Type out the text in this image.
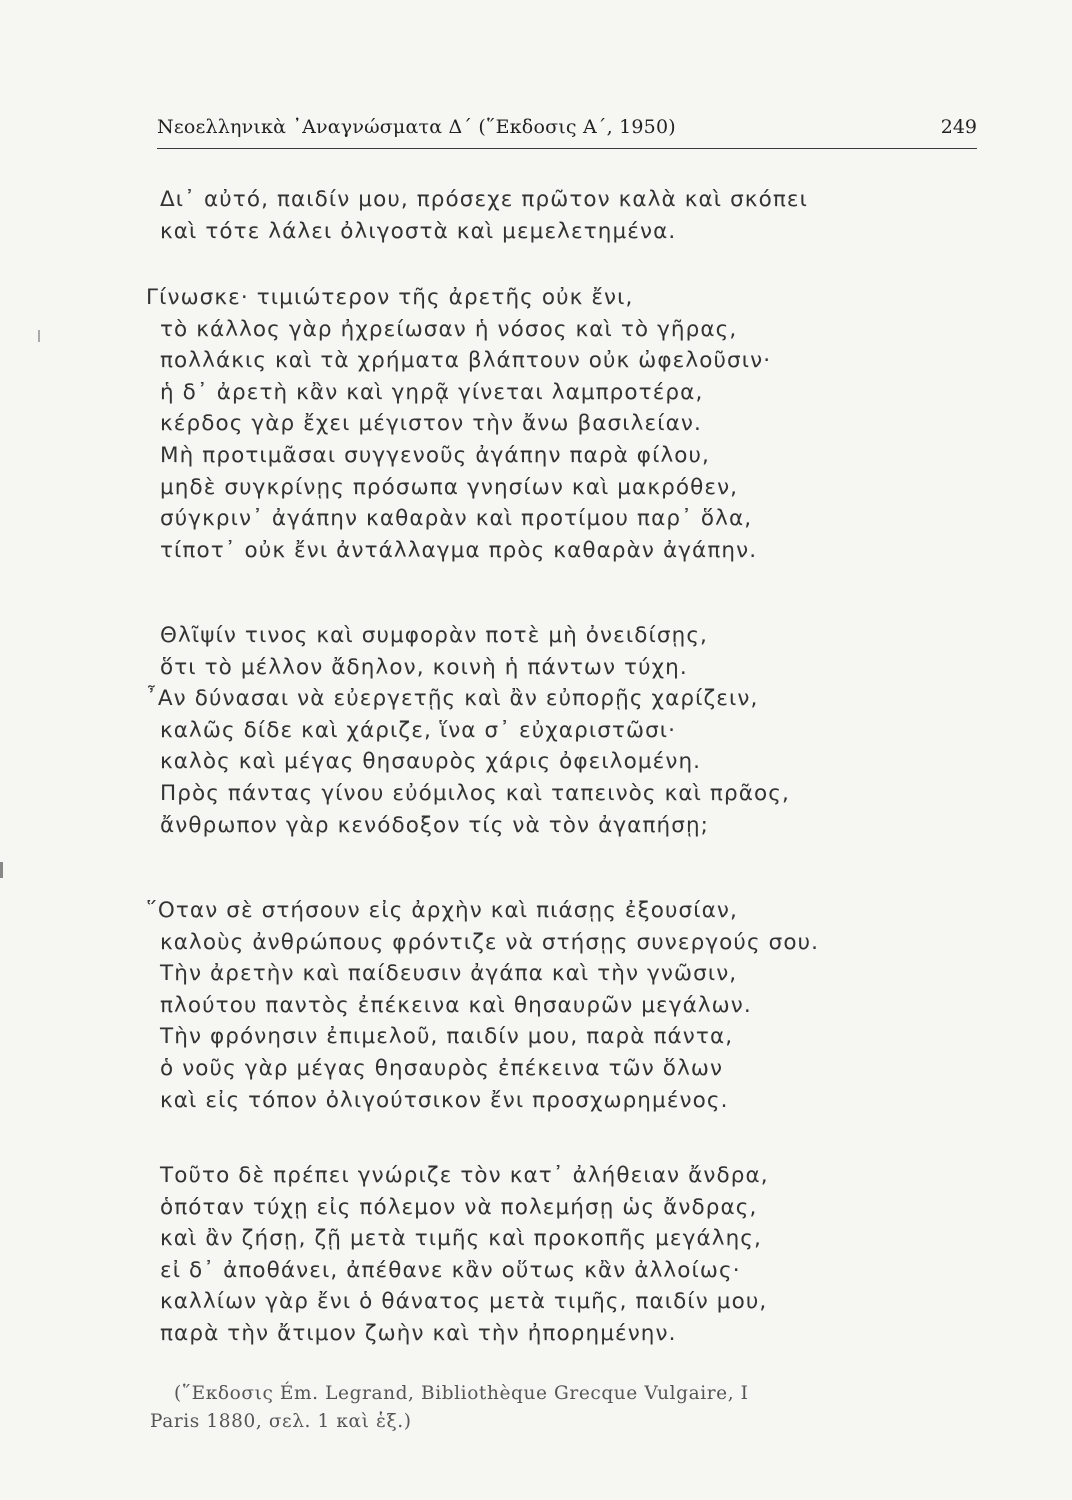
Νεοελληνικὰ ᾿Αναγνώσματα Δ΄ (῞Εκδοσις Α΄, 1950)	249
Δι᾿ αὐτό, παιδίν μου, πρόσεχε πρῶτον καλὰ καὶ σκόπει
καὶ τότε λάλει ὀλιγοστὰ καὶ μεμελετημένα.
Γίνωσκε· τιμιώτερον τῆς ἀρετῆς οὐκ ἔνι,
τὸ κάλλος γὰρ ἠχρείωσαν ἡ νόσος καὶ τὸ γῆρας,
πολλάκις καὶ τὰ χρήματα βλάπτουν οὐκ ὠφελοῦσιν·
ἡ δ᾿ ἀρετὴ κἂν καὶ γηρᾷ γίνεται λαμπροτέρα,
κέρδος γὰρ ἔχει μέγιστον τὴν ἄνω βασιλείαν.
Μὴ προτιμᾶσαι συγγενοῦς ἀγάπην παρὰ φίλου,
μηδὲ συγκρίνῃς πρόσωπα γνησίων καὶ μακρόθεν,
σύγκριν᾿ ἀγάπην καθαρὰν καὶ προτίμου παρ᾿ ὅλα,
τίποτ᾿ οὐκ ἔνι ἀντάλλαγμα πρὸς καθαρὰν ἀγάπην.
Θλῖψίν τινος καὶ συμφορὰν ποτὲ μὴ ὀνειδίσῃς,
ὅτι τὸ μέλλον ἄδηλον, κοινὴ ἡ πάντων τύχη.
῏Αν δύνασαι νὰ εὐεργετῇς καὶ ἂν εὐπορῇς χαρίζειν,
καλῶς δίδε καὶ χάριζε, ἵνα σ᾿ εὐχαριστῶσι·
καλὸς καὶ μέγας θησαυρὸς χάρις ὀφειλομένη.
Πρὸς πάντας γίνου εὐόμιλος καὶ ταπεινὸς καὶ πρᾶος,
ἄνθρωπον γὰρ κενόδοξον τίς νὰ τὸν ἀγαπήσῃ;
῞Οταν σὲ στήσουν εἰς ἀρχὴν καὶ πιάσῃς ἐξουσίαν,
καλοὺς ἀνθρώπους φρόντιζε νὰ στήσῃς συνεργούς σου.
Τὴν ἀρετὴν καὶ παίδευσιν ἀγάπα καὶ τὴν γνῶσιν,
πλούτου παντὸς ἐπέκεινα καὶ θησαυρῶν μεγάλων.
Τὴν φρόνησιν ἐπιμελοῦ, παιδίν μου, παρὰ πάντα,
ὁ νοῦς γὰρ μέγας θησαυρὸς ἐπέκεινα τῶν ὅλων
καὶ εἰς τόπον ὀλιγούτσικον ἔνι προσχωρημένος.
Τοῦτο δὲ πρέπει γνώριζε τὸν κατ᾿ ἀλήθειαν ἄνδρα,
ὁπόταν τύχῃ εἰς πόλεμον νὰ πολεμήσῃ ὡς ἄνδρας,
καὶ ἂν ζήσῃ, ζῇ μετὰ τιμῆς καὶ προκοπῆς μεγάλης,
εἰ δ᾿ ἀποθάνει, ἀπέθανε κἂν οὕτως κἂν ἀλλοίως·
καλλίων γὰρ ἔνι ὁ θάνατος μετὰ τιμῆς, παιδίν μου,
παρὰ τὴν ἄτιμον ζωὴν καὶ τὴν ἠπορημένην.
(῞Εκδοσις Ém. Legrand, Bibliothèque Grecque Vulgaire, I
Paris 1880, σελ. 1 καὶ ἑξ.)
